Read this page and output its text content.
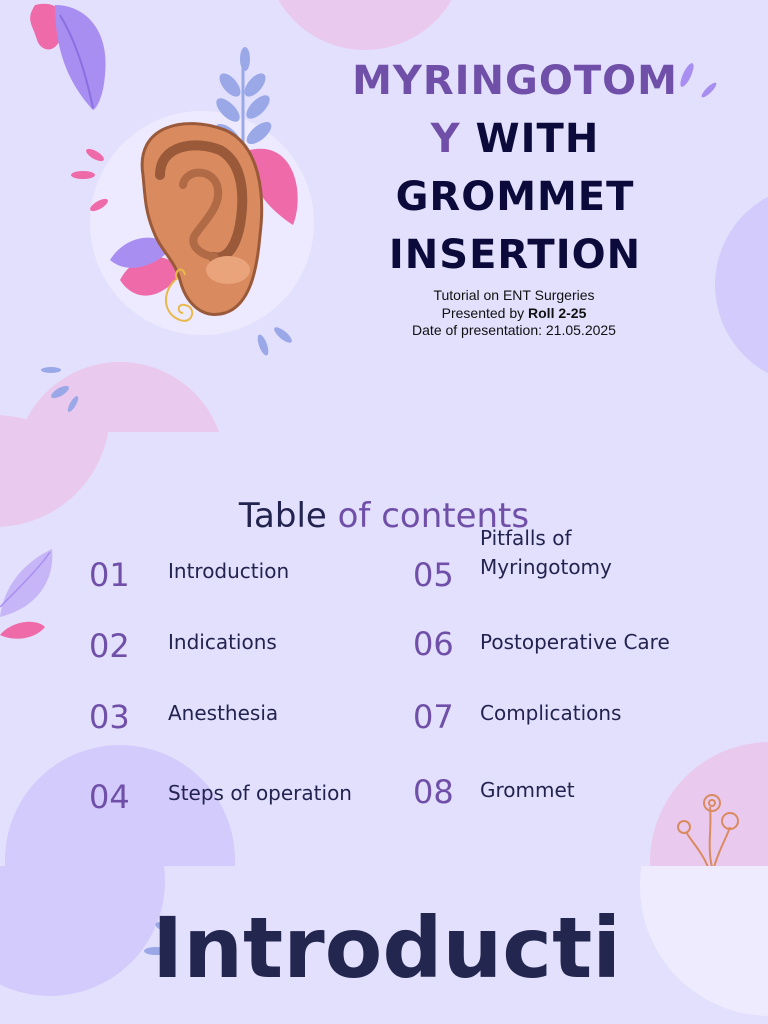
MYRINGOTOM
Y WITH
GROMMET
INSERTION
Tutorial on ENT Surgeries
Presented by Roll 2-25
Date of presentation: 21.05.2025
Table of contents
01 Introduction
02 Indications
03 Anesthesia
04 Steps of operation
05
Pitfalls of
Myringotomy
06 Postoperative Care
07 Complications
08 Grommet
Introducti
